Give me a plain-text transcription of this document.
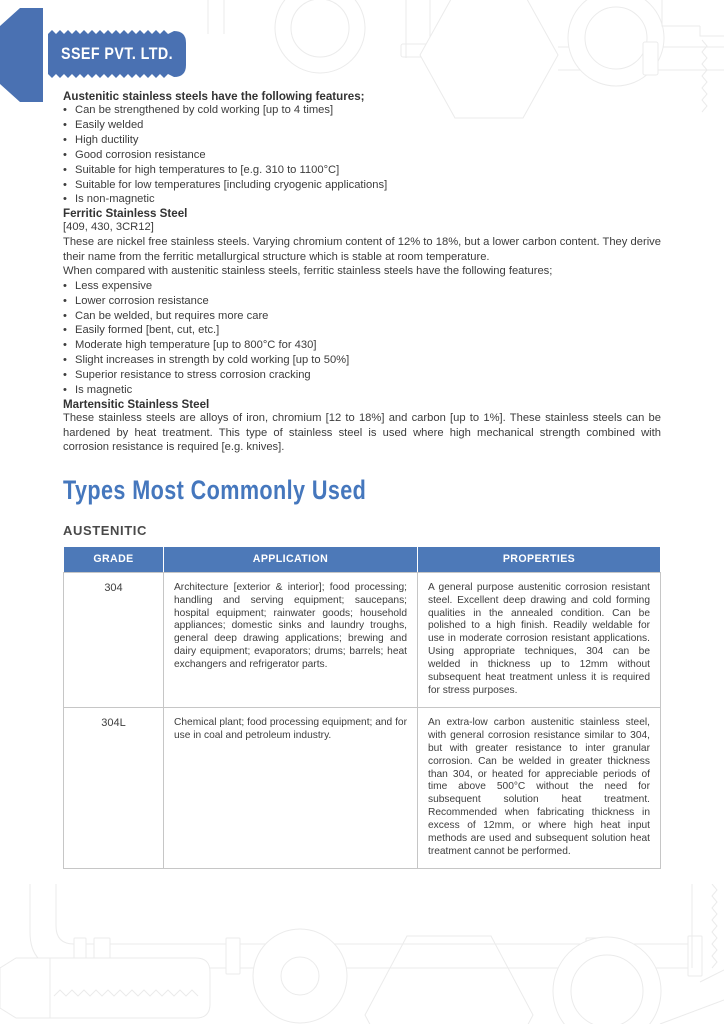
SSEF PVT. LTD.
Austenitic stainless steels have the following features;
• Can be strengthened by cold working [up to 4 times]
• Easily welded
• High ductility
• Good corrosion resistance
• Suitable for high temperatures to [e.g. 310 to 1100°C]
• Suitable for low temperatures [including cryogenic applications]
• Is non-magnetic
Ferritic Stainless Steel

[409, 430, 3CR12]

These are nickel free stainless steels. Varying chromium content of 12% to 18%, but a lower carbon content. They derive their name from the ferritic metallurgical structure which is stable at room temperature.

When compared with austenitic stainless steels, ferritic stainless steels have the following features;

• Less expensive
• Lower corrosion resistance
• Can be welded, but requires more care
• Easily formed [bent, cut, etc.]
• Moderate high temperature [up to 800°C for 430]
• Slight increases in strength by cold working [up to 50%]
• Superior resistance to stress corrosion cracking
• Is magnetic
Martensitic Stainless Steel

These stainless steels are alloys of iron, chromium [12 to 18%] and carbon [up to 1%]. These stainless steels can be hardened by heat treatment. This type of stainless steel is used where high mechanical strength combined with corrosion resistance is required [e.g. knives].

Types Most Commonly Used
AUSTENITIC
GRADE	APPLICATION	PROPERTIES
304	Architecture [exterior & interior]; food processing; handling and serving equipment; saucepans; hospital equipment; rainwater goods; household appliances; domestic sinks and laundry troughs, general deep drawing applications; brewing and dairy equipment; evaporators; drums; barrels; heat exchangers and refrigerator parts.	A general purpose austenitic corrosion resistant steel. Excellent deep drawing and cold forming qualities in the annealed condition. Can be polished to a high finish. Readily weldable for use in moderate corrosion resistant applications. Using appropriate techniques, 304 can be welded in thickness up to 12mm without subsequent heat treatment unless it is required for stress purposes.
304L	Chemical plant; food processing equipment; and for use in coal and petroleum industry.	An extra-low carbon austenitic stainless steel, with general corrosion resistance similar to 304, but with greater resistance to inter granular corrosion. Can be welded in greater thickness than 304, or heated for appreciable periods of time above 500°C without the need for subsequent solution heat treatment. Recommended when fabricating thickness in excess of 12mm, or where high heat input methods are used and subsequent solution heat treatment cannot be performed.
